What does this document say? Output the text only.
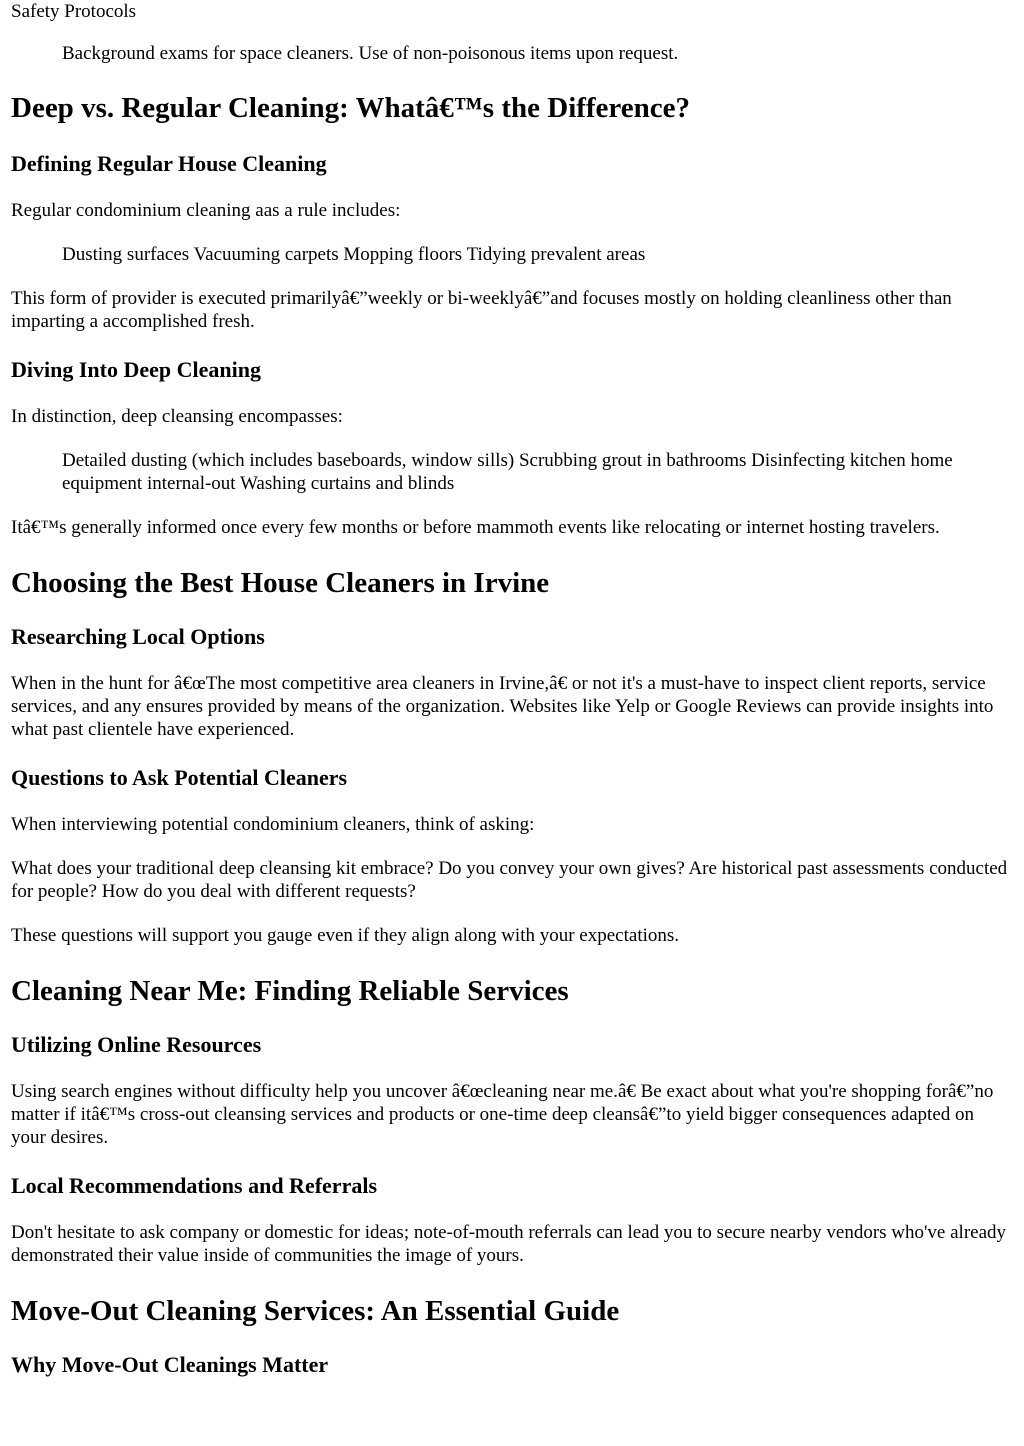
Safety Protocols
Background exams for space cleaners. Use of non-poisonous items upon request.
Deep vs. Regular Cleaning: Whatâ€™s the Difference?
Defining Regular House Cleaning

Regular condominium cleaning aas a rule includes:

Dusting surfaces Vacuuming carpets Mopping floors Tidying prevalent areas

This form of provider is executed primarilyâ€”weekly or bi-weeklyâ€”and focuses mostly on holding cleanliness other than imparting a accomplished fresh.

Diving Into Deep Cleaning

In distinction, deep cleansing encompasses:

Detailed dusting (which includes baseboards, window sills) Scrubbing grout in bathrooms Disinfecting kitchen home equipment internal-out Washing curtains and blinds

Itâ€™s generally informed once every few months or before mammoth events like relocating or internet hosting travelers.

Choosing the Best House Cleaners in Irvine
Researching Local Options

When in the hunt for â€œThe most competitive area cleaners in Irvine,â€ or not it's a must-have to inspect client reports, service services, and any ensures provided by means of the organization. Websites like Yelp or Google Reviews can provide insights into what past clientele have experienced.

Questions to Ask Potential Cleaners

When interviewing potential condominium cleaners, think of asking:

What does your traditional deep cleansing kit embrace? Do you convey your own gives? Are historical past assessments conducted for people? How do you deal with different requests?

These questions will support you gauge even if they align along with your expectations.

Cleaning Near Me: Finding Reliable Services
Utilizing Online Resources

Using search engines without difficulty help you uncover â€œcleaning near me.â€ Be exact about what you're shopping forâ€”no matter if itâ€™s cross-out cleansing services and products or one-time deep cleansâ€”to yield bigger consequences adapted on your desires.

Local Recommendations and Referrals

Don't hesitate to ask company or domestic for ideas; note-of-mouth referrals can lead you to secure nearby vendors who've already demonstrated their value inside of communities the image of yours.

Move-Out Cleaning Services: An Essential Guide
Why Move-Out Cleanings Matter
